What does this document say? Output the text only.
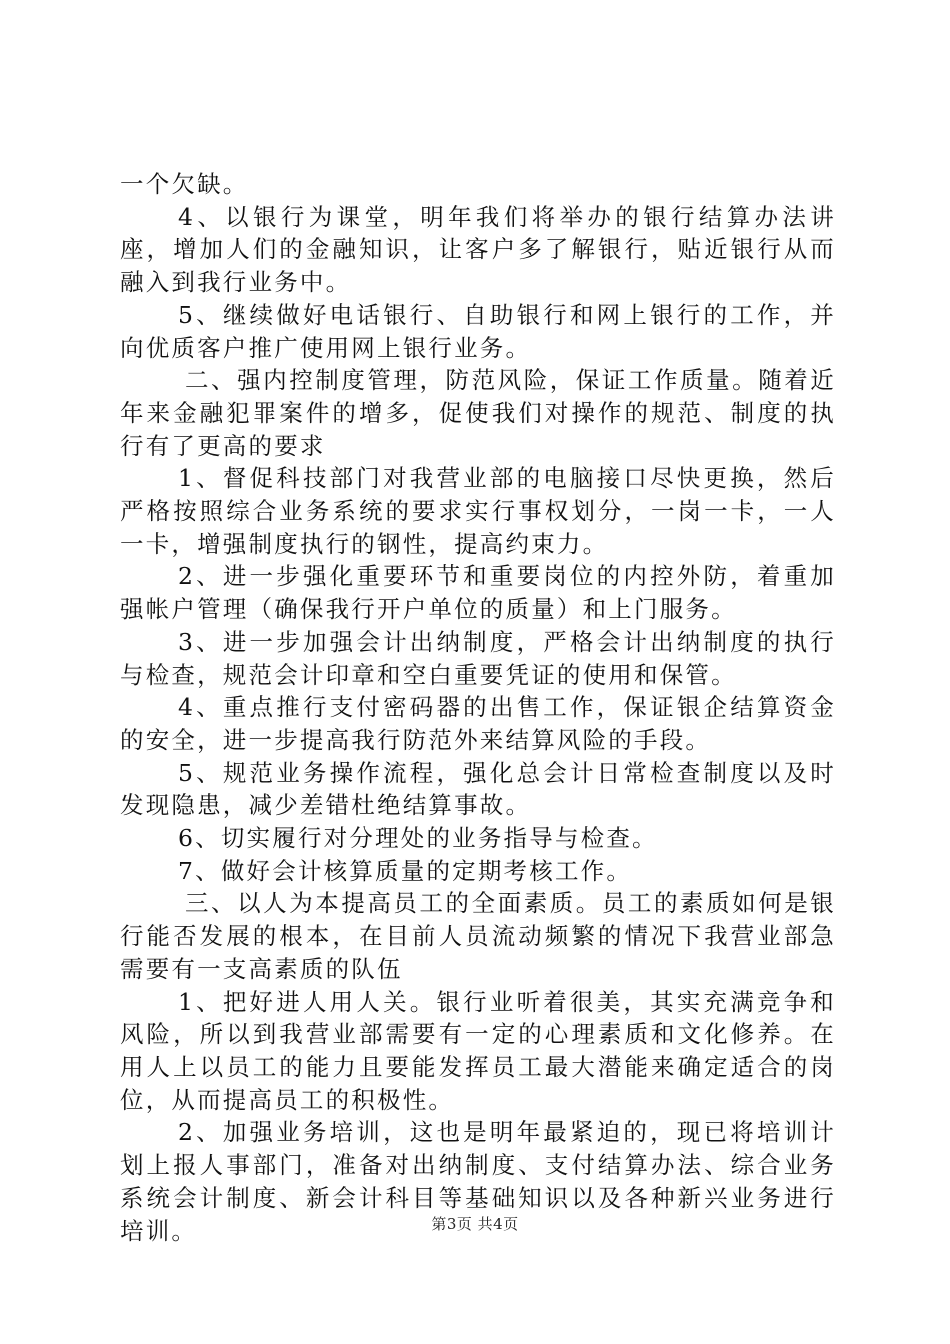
一个欠缺。

4、以银行为课堂，明年我们将举办的银行结算办法讲座，增加人们的金融知识，让客户多了解银行，贴近银行从而融入到我行业务中。

5、继续做好电话银行、自助银行和网上银行的工作，并向优质客户推广使用网上银行业务。

二、强内控制度管理，防范风险，保证工作质量。随着近年来金融犯罪案件的增多，促使我们对操作的规范、制度的执行有了更高的要求

1、督促科技部门对我营业部的电脑接口尽快更换，然后严格按照综合业务系统的要求实行事权划分，一岗一卡，一人一卡，增强制度执行的钢性，提高约束力。

2、进一步强化重要环节和重要岗位的内控外防，着重加强帐户管理（确保我行开户单位的质量）和上门服务。

3、进一步加强会计出纳制度，严格会计出纳制度的执行与检查，规范会计印章和空白重要凭证的使用和保管。

4、重点推行支付密码器的出售工作，保证银企结算资金的安全，进一步提高我行防范外来结算风险的手段。

5、规范业务操作流程，强化总会计日常检查制度以及时发现隐患，减少差错杜绝结算事故。

6、切实履行对分理处的业务指导与检查。

7、做好会计核算质量的定期考核工作。

三、以人为本提高员工的全面素质。员工的素质如何是银行能否发展的根本，在目前人员流动频繁的情况下我营业部急需要有一支高素质的队伍

1、把好进人用人关。银行业听着很美，其实充满竞争和风险，所以到我营业部需要有一定的心理素质和文化修养。在用人上以员工的能力且要能发挥员工最大潜能来确定适合的岗位，从而提高员工的积极性。

2、加强业务培训，这也是明年最紧迫的，现已将培训计划上报人事部门，准备对出纳制度、支付结算办法、综合业务系统会计制度、新会计科目等基础知识以及各种新兴业务进行培训。	第3页 共4页
